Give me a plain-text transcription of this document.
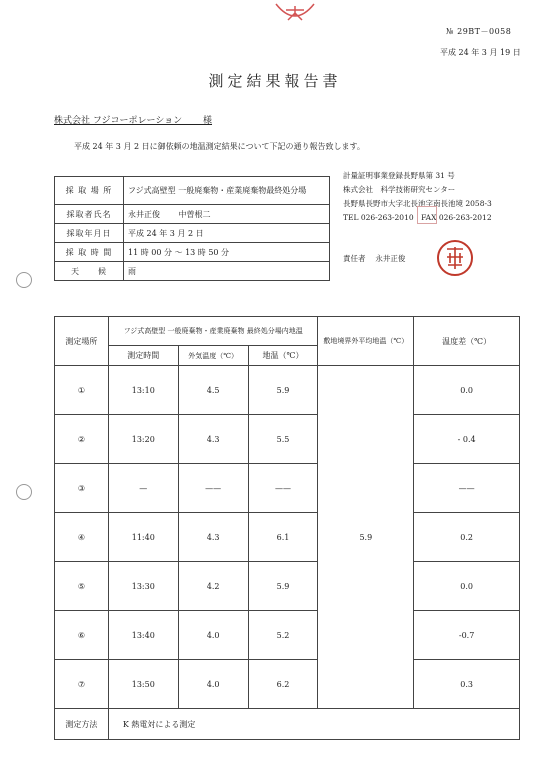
№ 29BT－0058
平成 24 年 3 月 19 日
測定結果報告書
株式会社 フジコーポレーション　　 様
平成 24 年 3 月 2 日に御依頼の地温測定結果について下記の通り報告致します。
採 取 場 所	フジ式高壁型 一般廃棄物・産業廃棄物最終処分場
採取者氏名	永井正俊　　 中曽根二
採取年月日	平成 24 年 3 月 2 日
採 取 時 間	11 時 00 分 〜 13 時 50 分
天　　候	雨
計量証明事業登録長野県第 31 号
株式会社　科学技術研究センター
長野県長野市大字北長池字南長池境 2058-3
TEL 026-263-2010　FAX 026-263-2012
責任者 　 永井正俊
測定場所	フジ式高壁型 一般廃棄物・産業廃棄物 最終処分場内地温			敷地境界外平均地温（℃）	温度差（℃）
	測定時間	外気温度（℃）	地温（℃）		
①	13:10	4.5	5.9	5.9	0.0
②	13:20	4.3	5.5		- 0.4
③	—	——	——		——
④	11:40	4.3	6.1		0.2
⑤	13:30	4.2	5.9		0.0
⑥	13:40	4.0	5.2		-0.7
⑦	13:50	4.0	6.2		0.3
測定方法	K 熱電対による測定				
